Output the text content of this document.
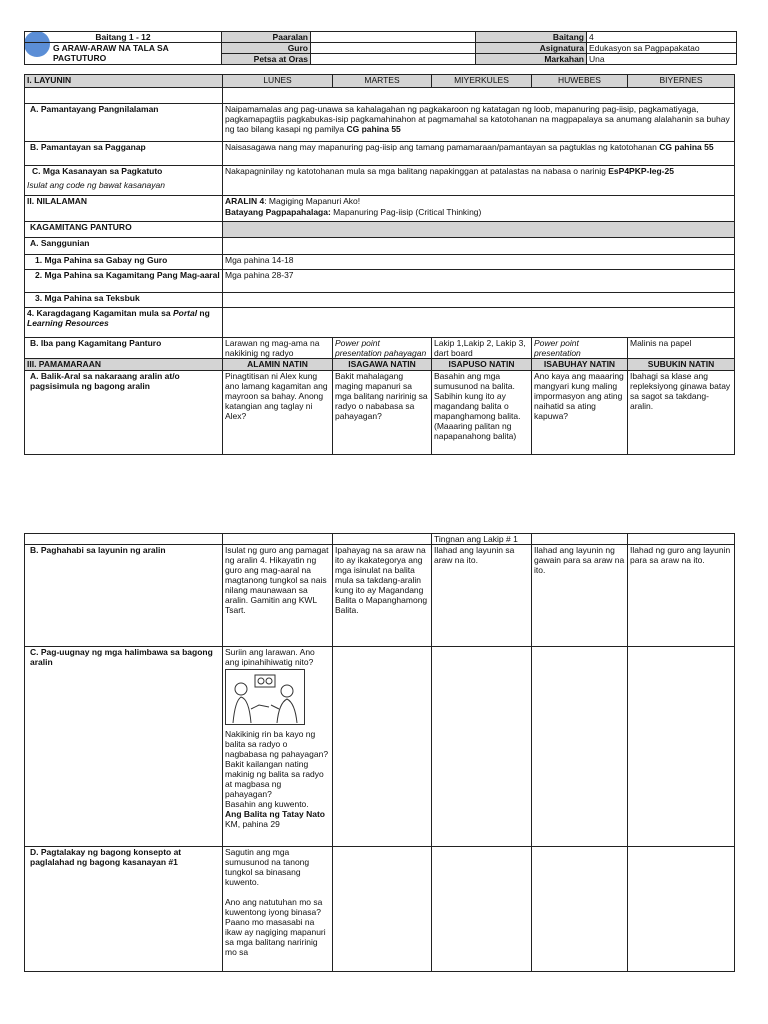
Baitang 1 - 12	Paaralan		Baitang	4
G ARAW-ARAW NA TALA SA PAGTUTURO	Guro		Asignatura	Edukasyon sa Pagpapakatao
	Petsa at Oras		Markahan	Una
I. LAYUNIN	LUNES	MARTES	MIYERKULES	HUWEBES	BIYERNES

A. Pamantayang Pangnilalaman	Naipamamalas ang pag-unawa sa kahalagahan ng pagkakaroon ng katatagan ng loob, mapanuring pag-iisip, pagkamatiyaga, pagkamapagtiis pagkabukas-isip pagkamahinahon at pagmamahal sa katotohanan na magpapalaya sa anumang alalahanin sa buhay ng tao bilang kasapi ng pamilya CG pahina 55				
B. Pamantayan sa Pagganap	Naisasagawa nang may mapanuring pag-iisip ang tamang pamamaraan/pamantayan sa pagtuklas ng katotohanan CG pahina 55				

C. Mga Kasanayan sa Pagkatuto
Isulat ang code ng bawat kasanayan	Nakapagninilay ng katotohanan mula sa mga balitang napakinggan at patalastas na nabasa o narinig EsP4PKP-Ieg-25				
II. NILALAMAN	ARALIN 4: Magiging Mapanuri Ako!
Batayang Pagpapahalaga: Mapanuring Pag-iisip (Critical Thinking)				

KAGAMITANG PANTURO					
A. Sanggunian					
1. Mga Pahina sa Gabay ng Guro	Mga pahina 14-18				
2. Mga Pahina sa Kagamitang Pang Mag-aaral	Mga pahina 28-37				
3. Mga Pahina sa Teksbuk					
4. Karagdagang Kagamitan mula sa Portal ng Learning Resources					
B. Iba pang Kagamitang Panturo	Larawan ng mag-ama na nakikinig ng radyo	Power point presentation pahayagan	Lakip 1,Lakip 2, Lakip 3, dart board	Power point presentation	Malinis na papel
III. PAMAMARAAN	ALAMIN NATIN	ISAGAWA NATIN	ISAPUSO NATIN	ISABUHAY NATIN	SUBUKIN NATIN
A. Balik-Aral sa nakaraang aralin at/o pagsisimula ng bagong aralin	Pinagtitisan ni Alex kung ano lamang kagamitan ang mayroon sa bahay. Anong katangian ang taglay ni Alex?	Bakit mahalagang maging mapanuri sa mga balitang naririnig sa radyo o nababasa sa pahayagan?	Basahin ang mga sumusunod na balita. Sabihin kung ito ay magandang balita o mapanghamong balita.(Maaaring palitan ng napapanahong balita)	Ano kaya ang maaaring mangyari kung maling impormasyon ang ating naihatid sa ating kapuwa?	Ibahagi sa klase ang repleksiyong ginawa batay sa sagot sa takdang- aralin.
			Tingnan ang Lakip # 1		
B. Paghahabi sa layunin ng aralin	Isulat ng guro ang pamagat ng aralin 4. Hikayatin ng guro ang mag-aaral na magtanong tungkol sa nais nilang maunawaan sa aralin. Gamitin ang KWL Tsart.	Ipahayag na sa araw na ito ay ikakategorya ang mga isinulat na balita mula sa takdang-aralin kung ito ay Magandang Balita o Mapanghamong Balita.	Ilahad ang layunin sa araw na ito.	Ilahad ang layunin ng gawain para sa araw na ito.	Ilahad ng guro ang layunin para sa araw na ito.
C. Pag-uugnay ng mga halimbawa sa bagong aralin	Suriin ang larawan. Ano ang ipinahihiwatig nito?
Nakikinig rin ba kayo ng balita sa radyo o nagbabasa ng pahayagan?
Bakit kailangan nating makinig ng balita sa radyo at magbasa ng pahayagan?
Basahin ang kuwento.
Ang Balita ng Tatay Nato KM, pahina 29				

D. Pagtalakay ng bagong konsepto at paglalahad ng bagong kasanayan #1	Sagutin ang mga sumusunod na tanong tungkol sa binasang kuwento.
Ano ang natutuhan mo sa kuwentong iyong binasa?
Paano mo masasabi na ikaw ay nagiging mapanuri sa mga balitang naririnig mo sa				
